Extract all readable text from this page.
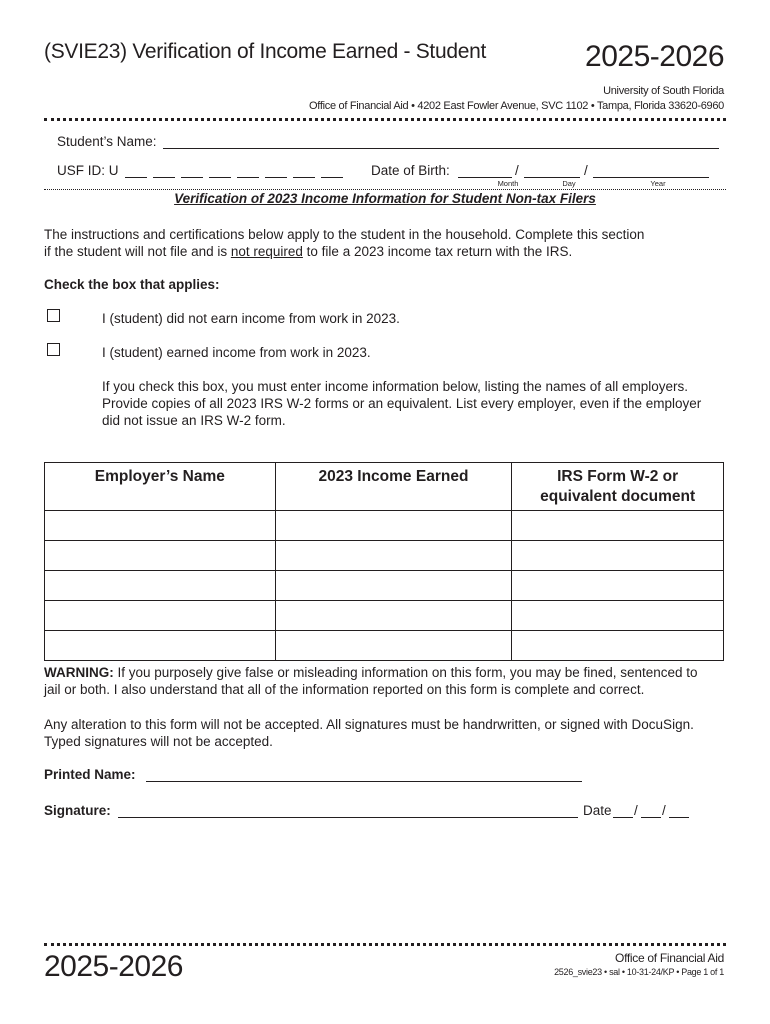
(SVIE23) Verification of Income Earned - Student	2025-2026
University of South Florida
Office of Financial Aid • 4202 East Fowler Avenue, SVC 1102 • Tampa, Florida 33620-6960
Student’s Name:
USF ID: U	Date of Birth:	/	/
Month	Day	Year
Verification of 2023 Income Information for Student Non-tax Filers
The instructions and certifications below apply to the student in the household. Complete this section
if the student will not file and is not required to file a 2023 income tax return with the IRS.
Check the box that applies:
I (student) did not earn income from work in 2023.
I (student) earned income from work in 2023.
If you check this box, you must enter income information below, listing the names of all employers.
Provide copies of all 2023 IRS W-2 forms or an equivalent. List every employer, even if the employer
did not issue an IRS W-2 form.
Employer’s Name	2023 Income Earned	IRS Form W-2 or
equivalent document

WARNING: If you purposely give false or misleading information on this form, you may be fined, sentenced to
jail or both. I also understand that all of the information reported on this form is complete and correct.
Any alteration to this form will not be accepted. All signatures must be handrwritten, or signed with DocuSign.
Typed signatures will not be accepted.
Printed Name:
Signature:	Date / /
2025-2026	Office of Financial Aid
2526_svie23 • sal • 10-31-24/KP • Page 1 of 1
